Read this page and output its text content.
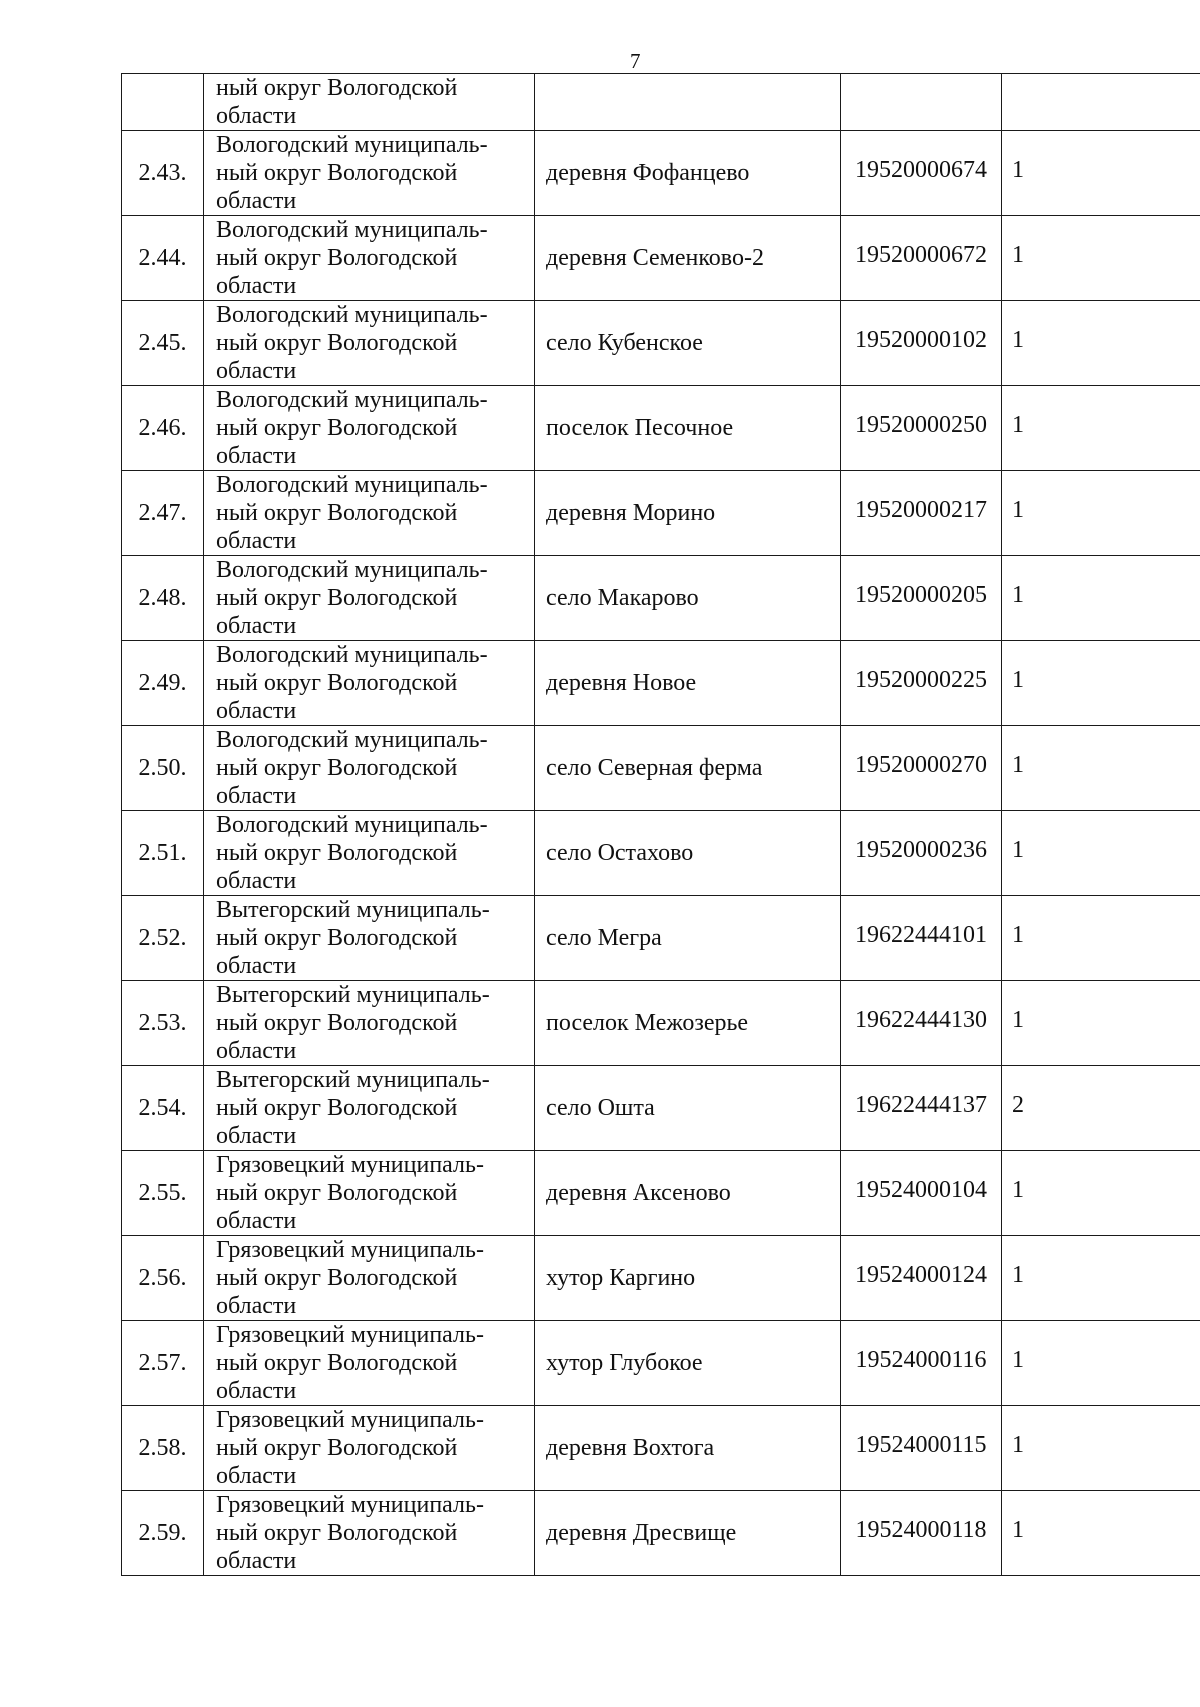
7

	ный округ Вологодской
области			

2.43.	Вологодский муниципаль-
ный округ Вологодской
области	деревня Фофанцево	19520000674	1
2.44.	Вологодский муниципаль-
ный округ Вологодской
области	деревня Семенково-2	19520000672	1
2.45.	Вологодский муниципаль-
ный округ Вологодской
области	село Кубенское	19520000102	1
2.46.	Вологодский муниципаль-
ный округ Вологодской
области	поселок Песочное	19520000250	1
2.47.	Вологодский муниципаль-
ный округ Вологодской
области	деревня Морино	19520000217	1
2.48.	Вологодский муниципаль-
ный округ Вологодской
области	село Макарово	19520000205	1
2.49.	Вологодский муниципаль-
ный округ Вологодской
области	деревня Новое	19520000225	1
2.50.	Вологодский муниципаль-
ный округ Вологодской
области	село Северная ферма	19520000270	1
2.51.	Вологодский муниципаль-
ный округ Вологодской
области	село Остахово	19520000236	1
2.52.	Вытегорский муниципаль-
ный округ Вологодской
области	село Мегра	19622444101	1
2.53.	Вытегорский муниципаль-
ный округ Вологодской
области	поселок Межозерье	19622444130	1
2.54.	Вытегорский муниципаль-
ный округ Вологодской
области	село Ошта	19622444137	2
2.55.	Грязовецкий муниципаль-
ный округ Вологодской
области	деревня Аксеново	19524000104	1
2.56.	Грязовецкий муниципаль-
ный округ Вологодской
области	хутор Каргино	19524000124	1
2.57.	Грязовецкий муниципаль-
ный округ Вологодской
области	хутор Глубокое	19524000116	1
2.58.	Грязовецкий муниципаль-
ный округ Вологодской
области	деревня Вохтога	19524000115	1
2.59.	Грязовецкий муниципаль-
ный округ Вологодской
области	деревня Дресвище	19524000118	1
